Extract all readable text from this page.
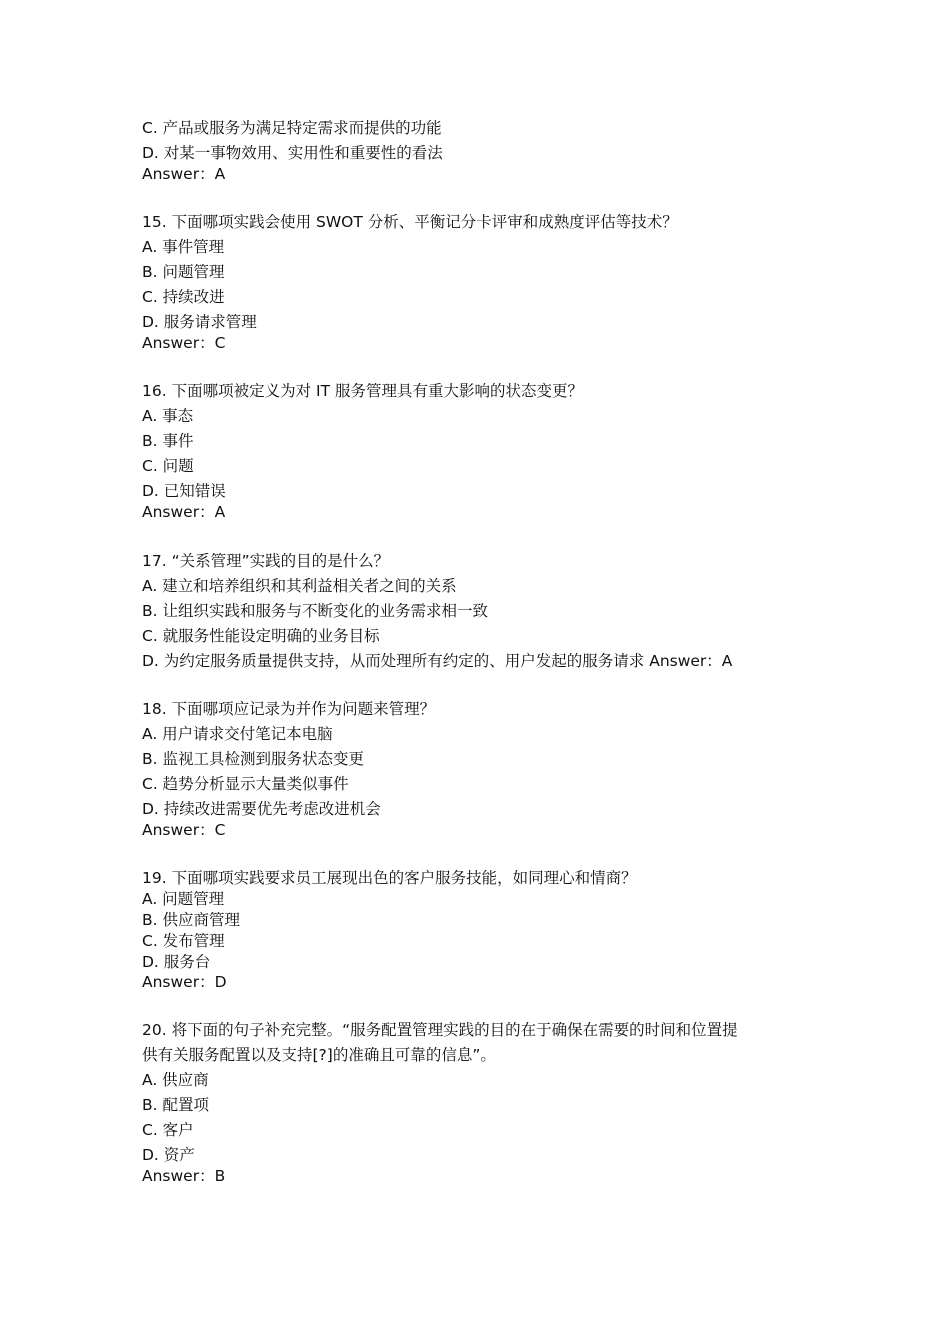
C. 产品或服务为满足特定需求而提供的功能
D. 对某一事物效用、实用性和重要性的看法
Answer：A
15. 下面哪项实践会使用 SWOT 分析、平衡记分卡评审和成熟度评估等技术？
A. 事件管理
B. 问题管理
C. 持续改进
D. 服务请求管理
Answer：C
16. 下面哪项被定义为对 IT 服务管理具有重大影响的状态变更？
A. 事态
B. 事件
C. 问题
D. 已知错误
Answer：A
17. “关系管理”实践的目的是什么？
A. 建立和培养组织和其利益相关者之间的关系
B. 让组织实践和服务与不断变化的业务需求相一致
C. 就服务性能设定明确的业务目标
D. 为约定服务质量提供支持，从而处理所有约定的、用户发起的服务请求 Answer：A
18. 下面哪项应记录为并作为问题来管理？
A. 用户请求交付笔记本电脑
B. 监视工具检测到服务状态变更
C. 趋势分析显示大量类似事件
D. 持续改进需要优先考虑改进机会
Answer：C
19. 下面哪项实践要求员工展现出色的客户服务技能，如同理心和情商？
A. 问题管理
B. 供应商管理
C. 发布管理
D. 服务台
Answer：D
20. 将下面的句子补充完整。“服务配置管理实践的目的在于确保在需要的时间和位置提
供有关服务配置以及支持[?]的准确且可靠的信息”。
A. 供应商
B. 配置项
C. 客户
D. 资产
Answer：B
